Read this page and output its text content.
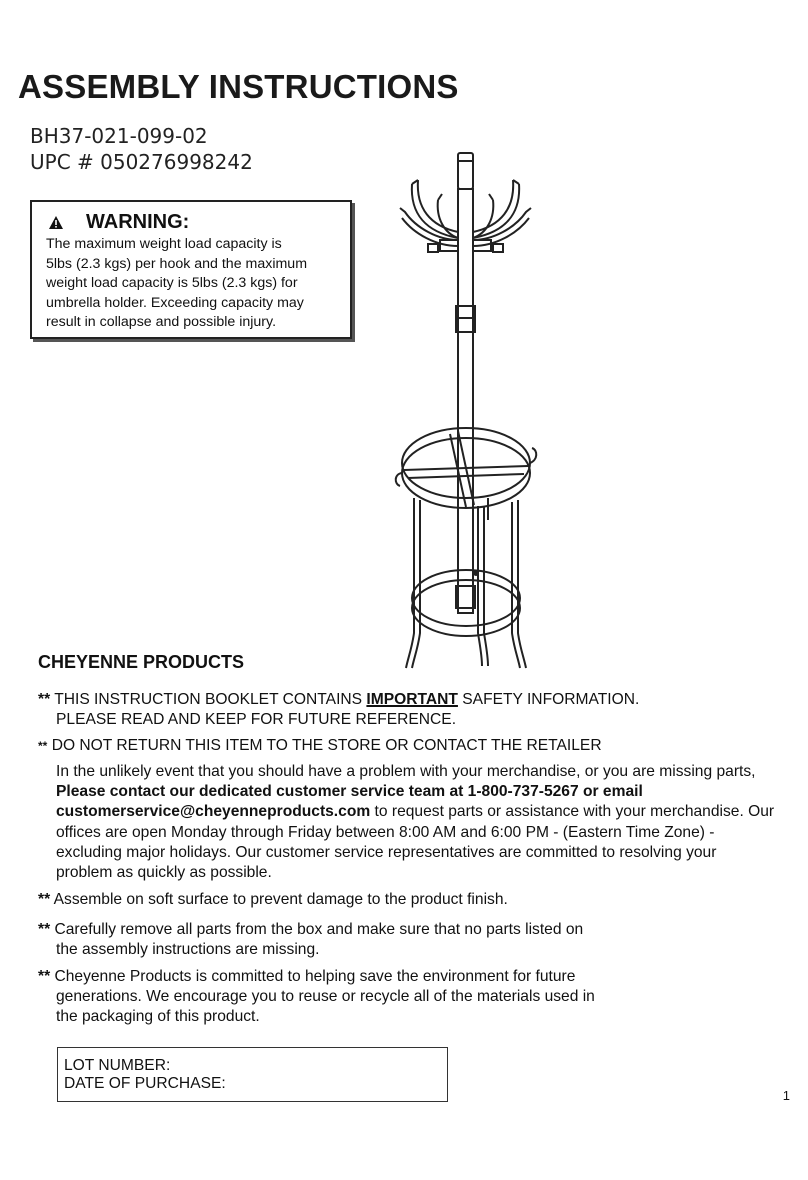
ASSEMBLY INSTRUCTIONS
BH37-021-099-02
UPC # 050276998242
WARNING:
The maximum weight load capacity is
5lbs (2.3 kgs) per hook and the maximum
weight load capacity is 5lbs (2.3 kgs) for
umbrella holder. Exceeding capacity may
result in collapse and possible injury.
CHEYENNE PRODUCTS
** THIS INSTRUCTION BOOKLET CONTAINS IMPORTANT SAFETY INFORMATION.
PLEASE READ AND KEEP FOR FUTURE REFERENCE.
** DO NOT RETURN THIS ITEM TO THE STORE OR CONTACT THE RETAILER
In the unlikely event that you should have a problem with your merchandise, or you are missing parts, Please contact our dedicated customer service team at 1-800-737-5267 or email customerservice@cheyenneproducts.com to request parts or assistance with your merchandise. Our offices are open Monday through Friday between 8:00 AM and 6:00 PM - (Eastern Time Zone) - excluding major holidays. Our customer service representatives are committed to resolving your problem as quickly as possible.
** Assemble on soft surface to prevent damage to the product finish.
** Carefully remove all parts from the box and make sure that no parts listed on
the assembly instructions are missing.
** Cheyenne Products is committed to helping save the environment for future
generations. We encourage you to reuse or recycle all of the materials used in
the packaging of this product.
LOT NUMBER:
DATE OF PURCHASE:
1
